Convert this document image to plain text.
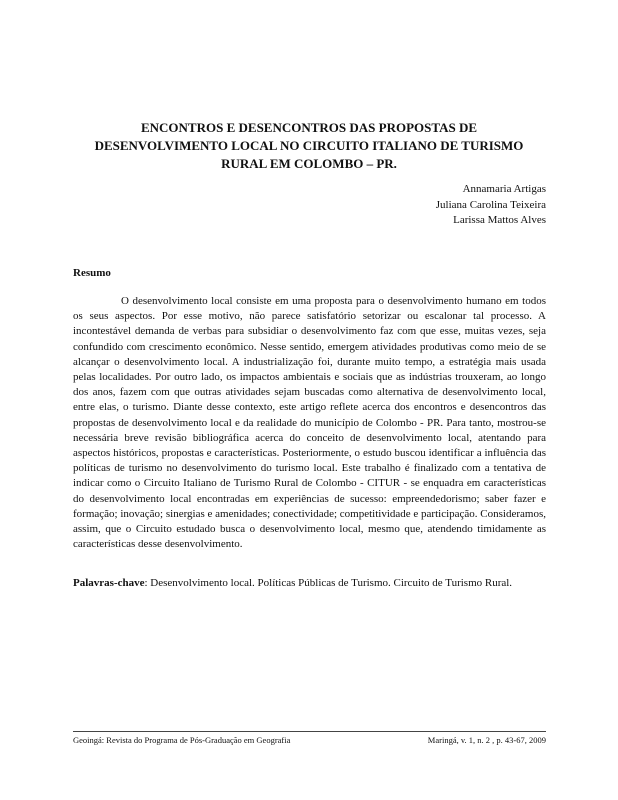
ENCONTROS E DESENCONTROS DAS PROPOSTAS DE
DESENVOLVIMENTO LOCAL NO CIRCUITO ITALIANO DE TURISMO
RURAL EM COLOMBO – PR.
Annamaria Artigas
Juliana Carolina Teixeira
Larissa Mattos Alves
Resumo

O desenvolvimento local consiste em uma proposta para o desenvolvimento humano em todos os seus aspectos. Por esse motivo, não parece satisfatório setorizar ou escalonar tal processo. A incontestável demanda de verbas para subsidiar o desenvolvimento faz com que esse, muitas vezes, seja confundido com crescimento econômico. Nesse sentido, emergem atividades produtivas como meio de se alcançar o desenvolvimento local. A industrialização foi, durante muito tempo, a estratégia mais usada pelas localidades. Por outro lado, os impactos ambientais e sociais que as indústrias trouxeram, ao longo dos anos, fazem com que outras atividades sejam buscadas como alternativa de desenvolvimento local, entre elas, o turismo. Diante desse contexto, este artigo reflete acerca dos encontros e desencontros das propostas de desenvolvimento local e da realidade do município de Colombo - PR. Para tanto, mostrou-se necessária breve revisão bibliográfica acerca do conceito de desenvolvimento local, atentando para aspectos históricos, propostas e características. Posteriormente, o estudo buscou identificar a influência das políticas de turismo no desenvolvimento do turismo local. Este trabalho é finalizado com a tentativa de indicar como o Circuito Italiano de Turismo Rural de Colombo - CITUR - se enquadra em características do desenvolvimento local encontradas em experiências de sucesso: empreendedorismo; saber fazer e formação; inovação; sinergias e amenidades; conectividade; competitividade e participação. Consideramos, assim, que o Circuito estudado busca o desenvolvimento local, mesmo que, atendendo timidamente as características desse desenvolvimento.

Palavras-chave: Desenvolvimento local. Políticas Públicas de Turismo. Circuito de Turismo Rural.

Geoingá: Revista do Programa de Pós-Graduação em Geografia	Maringá, v. 1, n. 2 , p. 43-67, 2009
